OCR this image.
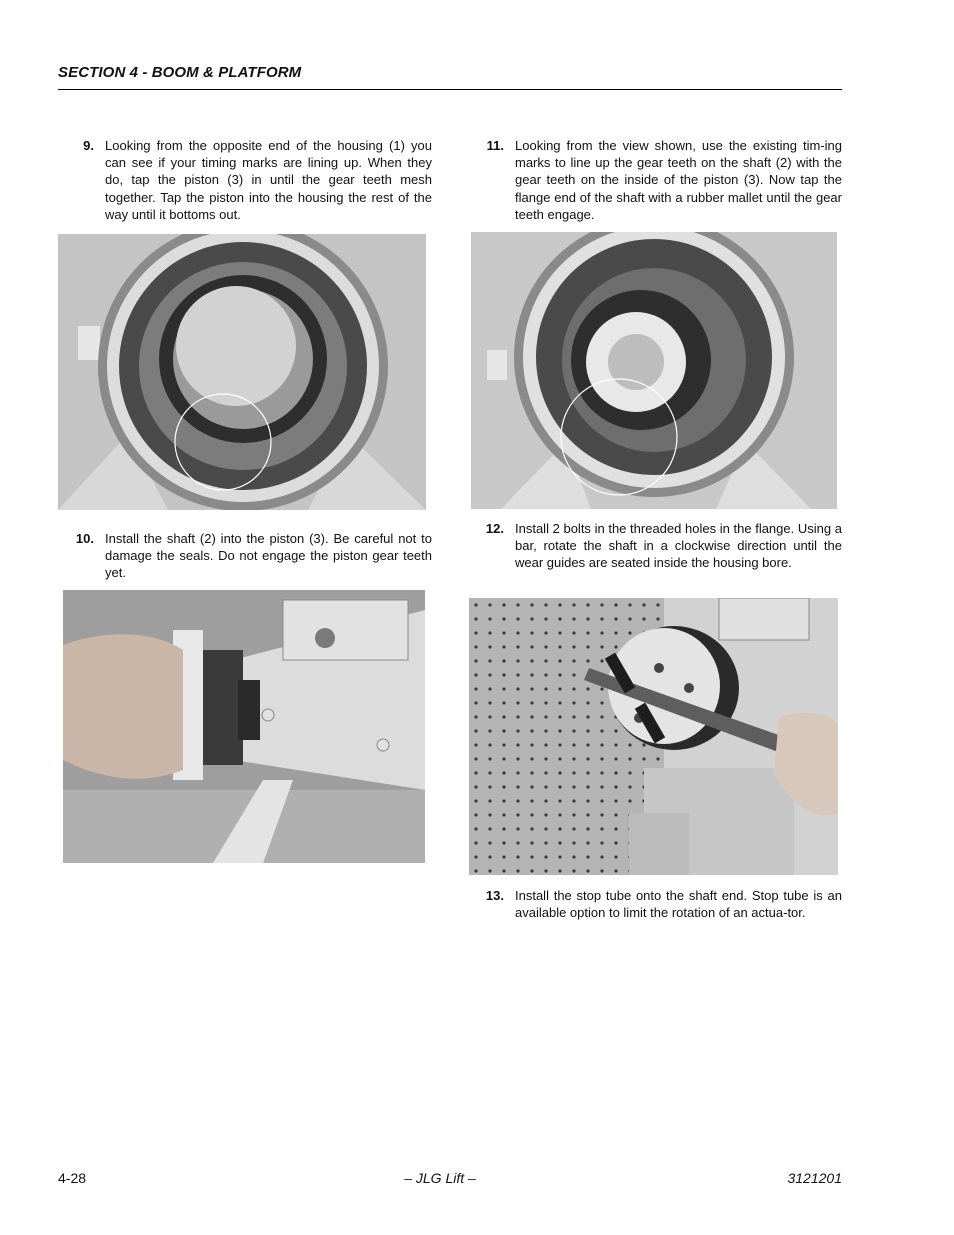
SECTION 4 - BOOM & PLATFORM
9. Looking from the opposite end of the housing (1) you can see if your timing marks are lining up. When they do, tap the piston (3) in until the gear teeth mesh together. Tap the piston into the housing the rest of the way until it bottoms out.
10. Install the shaft (2) into the piston (3). Be careful not to damage the seals. Do not engage the piston gear teeth yet.
11. Looking from the view shown, use the existing tim-ing marks to line up the gear teeth on the shaft (2) with the gear teeth on the inside of the piston (3). Now tap the flange end of the shaft with a rubber mallet until the gear teeth engage.
12. Install 2 bolts in the threaded holes in the flange. Using a bar, rotate the shaft in a clockwise direction until the wear guides are seated inside the housing bore.
13. Install the stop tube onto the shaft end. Stop tube is an available option to limit the rotation of an actua-tor.
4-28	– JLG Lift –	3121201
